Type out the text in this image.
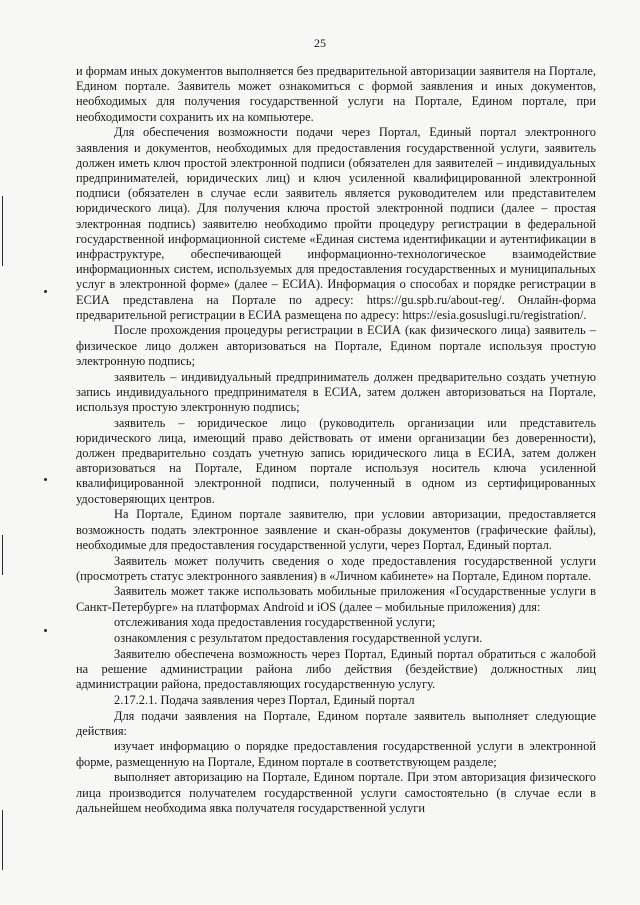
25

и формам иных документов выполняется без предварительной авторизации заявителя на Портале, Едином портале. Заявитель может ознакомиться с формой заявления и иных документов, необходимых для получения государственной услуги на Портале, Едином портале, при необходимости сохранить их на компьютере.

Для обеспечения возможности подачи через Портал, Единый портал электронного заявления и документов, необходимых для предоставления государственной услуги, заявитель должен иметь ключ простой электронной подписи (обязателен для заявителей – индивидуальных предпринимателей, юридических лиц) и ключ усиленной квалифицированной электронной подписи (обязателен в случае если заявитель является руководителем или представителем юридического лица). Для получения ключа простой электронной подписи (далее – простая электронная подпись) заявителю необходимо пройти процедуру регистрации в федеральной государственной информационной системе «Единая система идентификации и аутентификации в инфраструктуре, обеспечивающей информационно-технологическое взаимодействие информационных систем, используемых для предоставления государственных и муниципальных услуг в электронной форме» (далее – ЕСИА). Информация о способах и порядке регистрации в ЕСИА представлена на Портале по адресу: https://gu.spb.ru/about-reg/. Онлайн-форма предварительной регистрации в ЕСИА размещена по адресу: https://esia.gosuslugi.ru/registration/.

После прохождения процедуры регистрации в ЕСИА (как физического лица) заявитель – физическое лицо должен авторизоваться на Портале, Едином портале используя простую электронную подпись;

заявитель – индивидуальный предприниматель должен предварительно создать учетную запись индивидуального предпринимателя в ЕСИА, затем должен авторизоваться на Портале, используя простую электронную подпись;

заявитель – юридическое лицо (руководитель организации или представитель юридического лица, имеющий право действовать от имени организации без доверенности), должен предварительно создать учетную запись юридического лица в ЕСИА, затем должен авторизоваться на Портале, Едином портале используя носитель ключа усиленной квалифицированной электронной подписи, полученный в одном из сертифицированных удостоверяющих центров.

На Портале, Едином портале заявителю, при условии авторизации, предоставляется возможность подать электронное заявление и скан-образы документов (графические файлы), необходимые для предоставления государственной услуги, через Портал, Единый портал.

Заявитель может получить сведения о ходе предоставления государственной услуги (просмотреть статус электронного заявления) в «Личном кабинете» на Портале, Едином портале.

Заявитель может также использовать мобильные приложения «Государственные услуги в Санкт-Петербурге» на платформах Android и iOS (далее – мобильные приложения) для:

отслеживания хода предоставления государственной услуги;

ознакомления с результатом предоставления государственной услуги.

Заявителю обеспечена возможность через Портал, Единый портал обратиться с жалобой на решение администрации района либо действия (бездействие) должностных лиц администрации района, предоставляющих государственную услугу.

2.17.2.1. Подача заявления через Портал, Единый портал

Для подачи заявления на Портале, Едином портале заявитель выполняет следующие действия:

изучает информацию о порядке предоставления государственной услуги в электронной форме, размещенную на Портале, Едином портале в соответствующем разделе;

выполняет авторизацию на Портале, Едином портале. При этом авторизация физического лица производится получателем государственной услуги самостоятельно (в случае если в дальнейшем необходима явка получателя государственной услуги
